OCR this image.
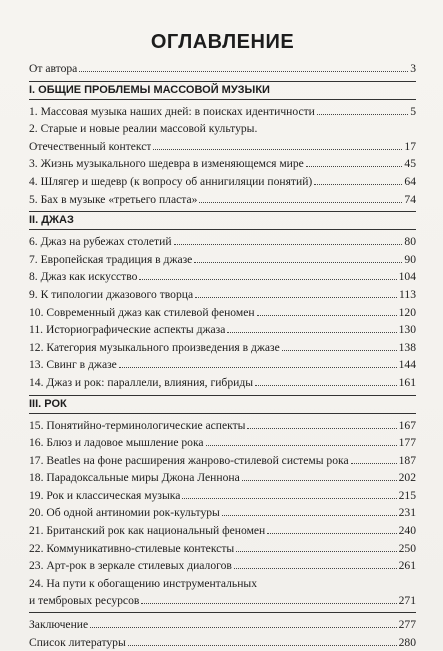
ОГЛАВЛЕНИЕ
От автора	3
I. ОБЩИЕ ПРОБЛЕМЫ МАССОВОЙ МУЗЫКИ
1. Массовая музыка наших дней: в поисках идентичности	5
2. Старые и новые реалии массовой культуры.
Отечественный контекст	17
3. Жизнь музыкального шедевра в изменяющемся мире	45
4. Шлягер и шедевр (к вопросу об аннигиляции понятий)	64
5. Бах в музыке «третьего пласта»	74
II. ДЖАЗ
6. Джаз на рубежах столетий	80
7. Европейская традиция в джазе	90
8. Джаз как искусство	104
9. К типологии джазового творца	113
10. Современный джаз как стилевой феномен	120
11. Историографические аспекты джаза	130
12. Категория музыкального произведения в джазе	138
13. Свинг в джазе	144
14. Джаз и рок: параллели, влияния, гибриды	161
III. РОК
15. Понятийно-терминологические аспекты	167
16. Блюз и ладовое мышление рока	177
17. Beatles на фоне расширения жанрово-стилевой системы рока	187
18. Парадоксальные миры Джона Леннона	202
19. Рок и классическая музыка	215
20. Об одной антиномии рок-культуры	231
21. Британский рок как национальный феномен	240
22. Коммуникативно-стилевые контексты	250
23. Арт-рок в зеркале стилевых диалогов	261
24. На пути к обогащению инструментальных
и тембровых ресурсов	271
Заключение	277
Список литературы	280
